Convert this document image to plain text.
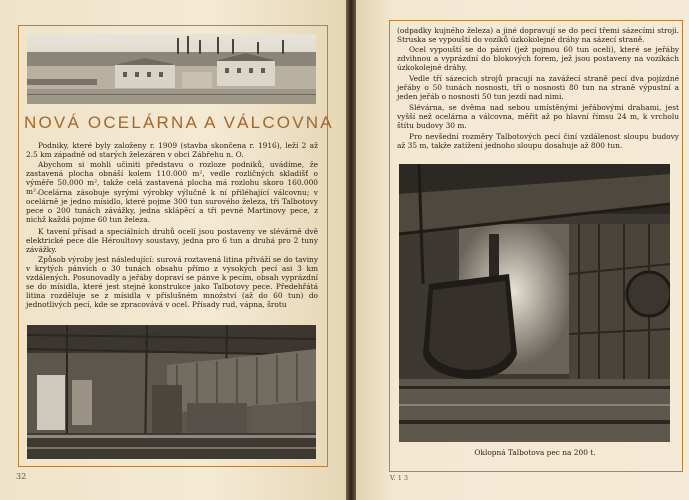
NOVÁ OCELÁRNA A VÁLCOVNA

Podniky, které byly založeny r. 1909 (stavba skončena r. 1916), leží 2 až 2.5 km západně od starých železáren v obci Zábřehu n. O.

Abychom si mohli učiniti představu o rozloze podniků, uvádíme, že zastavená plocha obnáší kolem 110.000 m², vedle rozličných skladišť o výměře 50.000 m², takže celá zastavená plocha má rozlohu skoro 160.000 m². Ocelárna zásobuje syrými výrobky výlučně k ní přiléhající válcovnu; v ocelárně je jedno mísidlo, které pojme 300 tun surového železa, tři Talbotovy pece o 200 tunách závážky, jedna sklápěcí a tři pevné Martinovy pece, z nichž každá pojme 60 tun železa.

K tavení přísad a speciálních druhů ocelí jsou postaveny ve slévárně dvě elektrické pece dle Héroultovy soustavy, jedna pro 6 tun a druhá pro 2 tuny závážky.

Způsob výroby jest následující: surová roztavená litina přiváží se do taviny v krytých pánvích o 30 tunách obsahu přímo z vysokých pecí asi 3 km vzdálených. Posunovadly a jeřáby dopraví se pánve k pecím, obsah vyprázdní se do mísidla, které jest stejné konstrukce jako Talbotovy pece. Předehřátá litina rozděluje se z mísidla v příslušném množství (až do 60 tun) do jednotlivých pecí, kde se zpracovává v ocel. Přísady rud, vápna, šrotu

32

(odpadky kujného železa) a jiné dopravují se do pecí třemi sázecími stroji. Struska se vypouští do vozíků úzkokolejné dráhy na sázecí straně.

Ocel vypouští se do pánví (jež pojmou 60 tun oceli), které se jeřáby zdvihnou a vyprázdní do blokových forem, jež jsou postaveny na vozíkách úzkokolejné dráhy.

Vedle tří sázecích strojů pracují na zavážecí straně pecí dva pojízdné jeřáby o 50 tunách nosnosti, tři o nosnosti 80 tun na straně výpustní a jeden jeřáb o nosnosti 50 tun jezdí nad nimi.

Slévárna, se dvěma nad sebou umístěnými jeřábovými drahami, jest vyšší než ocelárna a válcovna, měřit až po hlavní římsu 24 m, k vrcholu štítu budovy 30 m.

Pro nevšední rozměry Talbotových pecí činí vzdálenost sloupu budovy až 35 m, takže zatížení jednoho sloupu dosahuje až 800 tun.

Oklopná Talbotova pec na 200 t.

V. 1 3
